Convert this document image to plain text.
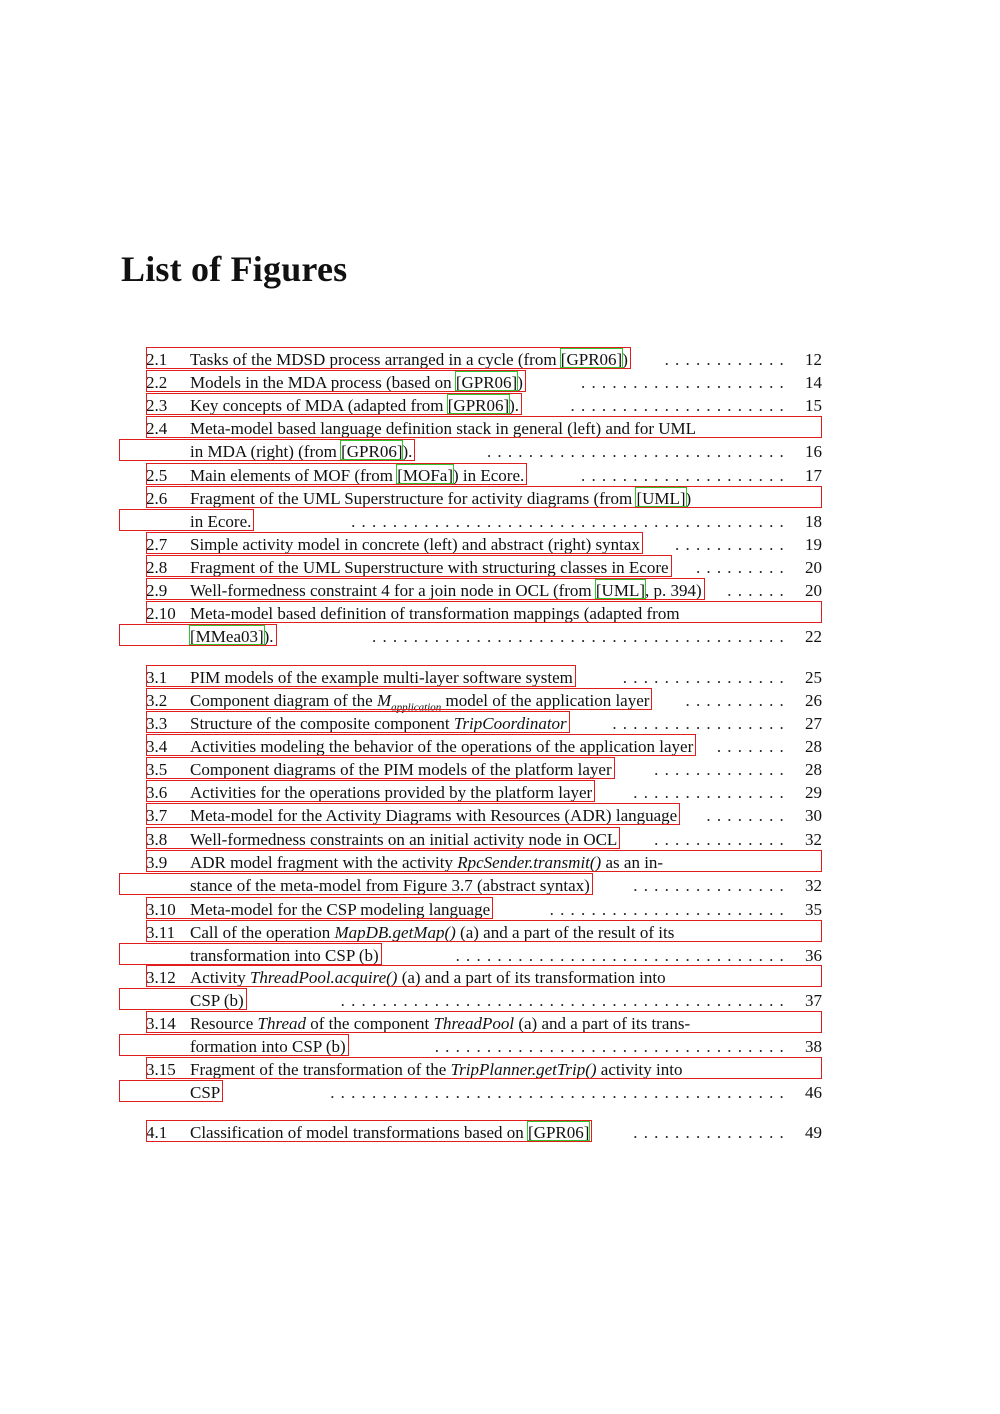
List of Figures
2.1 Tasks of the MDSD process arranged in a cycle (from [GPR06]) ............ 12
2.2 Models in the MDA process (based on [GPR06])	.................... 14
2.3 Key concepts of MDA (adapted from [GPR06]).	..................... 15
2.4 Meta-model based language definition stack in general (left) and for UML
in MDA (right) (from [GPR06]).	............................. 16
2.5 Main elements of MOF (from [MOFa]) in Ecore.	.................... 17
2.6 Fragment of the UML Superstructure for activity diagrams (from [UML])
in Ecore.	.......................................... 18
2.7 Simple activity model in concrete (left) and abstract (right) syntax ........... 19
2.8 Fragment of the UML Superstructure with structuring classes in Ecore ......... 20
2.9 Well-formedness constraint 4 for a join node in OCL (from [UML], p. 394) ...... 20
2.10 Meta-model based definition of transformation mappings (adapted from
[MMea03]).	........................................ 22
3.1 PIM models of the example multi-layer software system	................ 25
3.2 Component diagram of the $M_{application}$ model of the application layer .......... 26
3.3 Structure of the composite component TripCoordinator	................. 27
3.4 Activities modeling the behavior of the operations of the application layer ....... 28
3.5 Component diagrams of the PIM models of the platform layer	............. 28
3.6 Activities for the operations provided by the platform layer ............... 29
3.7 Meta-model for the Activity Diagrams with Resources (ADR) language ........ 30
3.8 Well-formedness constraints on an initial activity node in OCL ............. 32
3.9 ADR model fragment with the activity RpcSender.transmit() as an in-
stance of the meta-model from Figure 3.7 (abstract syntax)	............... 32
3.10 Meta-model for the CSP modeling language	....................... 35
3.11 Call of the operation MapDB.getMap() (a) and a part of the result of its
transformation into CSP (b)	................................ 36
3.12 Activity ThreadPool.acquire() (a) and a part of its transformation into
CSP (b)	........................................... 37
3.14 Resource Thread of the component ThreadPool (a) and a part of its trans-
formation into CSP (b)	.................................. 38
3.15 Fragment of the transformation of the TripPlanner.getTrip() activity into
CSP	............................................ 46
4.1 Classification of model transformations based on [GPR06]	............... 49
